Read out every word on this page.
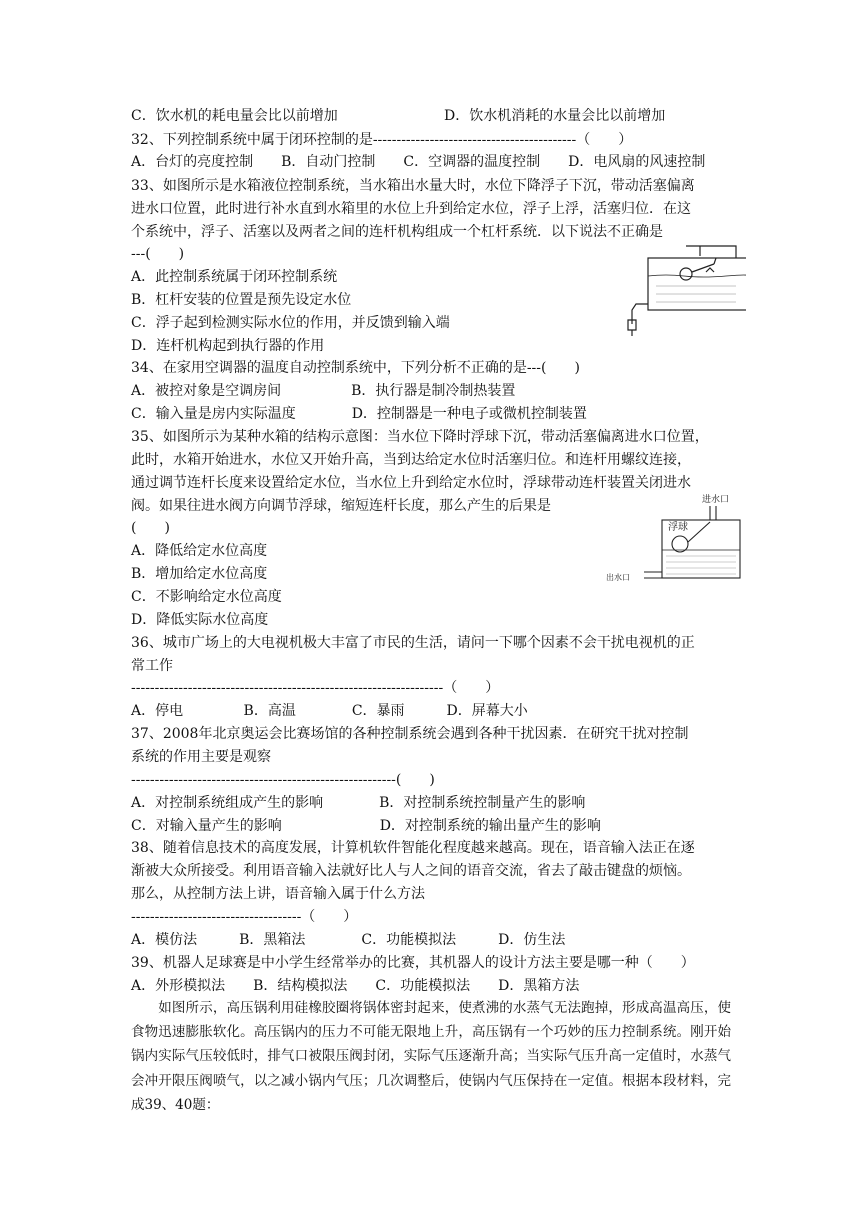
C．饮水机的耗电量会比以前增加	D．饮水机消耗的水量会比以前增加
32、下列控制系统中属于闭环控制的是-------------------------------------------（　　）
A．台灯的亮度控制　　B．自动门控制　　C．空调器的温度控制　　D．电风扇的风速控制
33、如图所示是水箱液位控制系统，当水箱出水量大时，水位下降浮子下沉，带动活塞偏离
进水口位置，此时进行补水直到水箱里的水位上升到给定水位，浮子上浮，活塞归位．在这
个系统中，浮子、活塞以及两者之间的连杆机构组成一个杠杆系统．以下说法不正确是
---(　　)
A．此控制系统属于闭环控制系统
B．杠杆安装的位置是预先设定水位
C．浮子起到检测实际水位的作用，并反馈到输入端
D．连杆机构起到执行器的作用
34、在家用空调器的温度自动控制系统中，下列分析不正确的是---(　　)
A．被控对象是空调房间　　　　　B．执行器是制冷制热装置
C．输入量是房内实际温度　　　　D．控制器是一种电子或微机控制装置
35、如图所示为某种水箱的结构示意图：当水位下降时浮球下沉，带动活塞偏离进水口位置，
此时，水箱开始进水，水位又开始升高，当到达给定水位时活塞归位。和连杆用螺纹连接，
通过调节连杆长度来设置给定水位，当水位上升到给定水位时，浮球带动连杆装置关闭进水
阀。如果往进水阀方向调节浮球，缩短连杆长度，那么产生的后果是
(　　)
A．降低给定水位高度
B．增加给定水位高度
C．不影响给定水位高度
D．降低实际水位高度
36、城市广场上的大电视机极大丰富了市民的生活，请问一下哪个因素不会干扰电视机的正
常工作
------------------------------------------------------------------（　　）
A．停电　　　　 B．高温　　　　C．暴雨　　　D．屏幕大小
37、2008年北京奥运会比赛场馆的各种控制系统会遇到各种干扰因素．在研究干扰对控制
系统的作用主要是观察
--------------------------------------------------------(　　)
A．对控制系统组成产生的影响　　　　B．对控制系统控制量产生的影响
C．对输入量产生的影响　　　　　　　D．对控制系统的输出量产生的影响
38、随着信息技术的高度发展，计算机软件智能化程度越来越高。现在，语音输入法正在逐
渐被大众所接受。利用语音输入法就好比人与人之间的语音交流，省去了敲击键盘的烦恼。
那么，从控制方法上讲，语音输入属于什么方法
------------------------------------（　　）
A．模仿法　　　B．黑箱法　　　　C．功能模拟法　　　D．仿生法
39、机器人足球赛是中小学生经常举办的比赛，其机器人的设计方法主要是哪一种（　　）
A．外形模拟法　　B．结构模拟法　　C．功能模拟法　　D．黑箱方法
　　如图所示，高压锅利用硅橡胶圈将锅体密封起来，使煮沸的水蒸气无法跑掉，形成高温高压，使食物迅速膨胀软化。高压锅内的压力不可能无限地上升，高压锅有一个巧妙的压力控制系统。刚开始锅内实际气压较低时，排气口被限压阀封闭，实际气压逐渐升高；当实际气压升高一定值时，水蒸气会冲开限压阀喷气，以之减小锅内气压；几次调整后，使锅内气压保持在一定值。根据本段材料，完成39、40题：
进水口
浮球
出水口
